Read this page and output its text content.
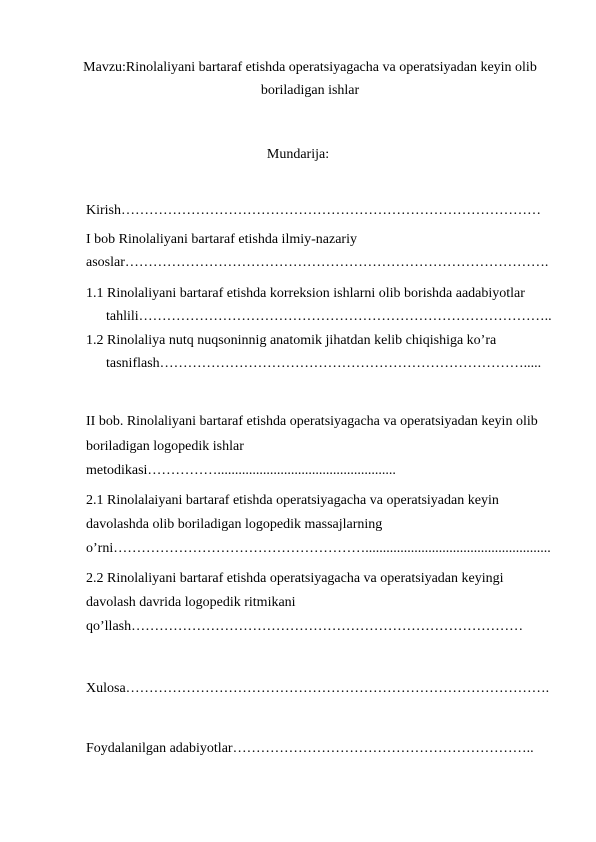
Mavzu:Rinolaliyani bartaraf etishda operatsiyagacha va operatsiyadan keyin olib
boriladigan ishlar
Mundarija:
Kirish………………………………………………………………………………
I bob Rinolaliyani bartaraf etishda ilmiy-nazariy
asoslar……………………………………………………………………………….
1.1 Rinolaliyani bartaraf etishda korreksion ishlarni olib borishda aadabiyotlar
tahlili……………………………………………………………………………..
1.2 Rinolaliya nutq nuqsoninnig anatomik jihatdan kelib chiqishiga ko’ra
tasniflash…………………………………………………………………….....
II bob. Rinolaliyani bartaraf etishda operatsiyagacha va operatsiyadan keyin olib
boriladigan logopedik ishlar
metodikasi……………...................................................
2.1 Rinolalaiyani bartaraf etishda operatsiyagacha va operatsiyadan keyin
davolashda olib boriladigan logopedik massajlarning
o’rni……………………………………………….....................................................
2.2 Rinolaliyani bartaraf etishda operatsiyagacha va operatsiyadan keyingi
davolash davrida logopedik ritmikani
qo’llash…………………………………………………………………………
Xulosa……………………………………………………………………………….
Foydalanilgan adabiyotlar………………………………………………………..
